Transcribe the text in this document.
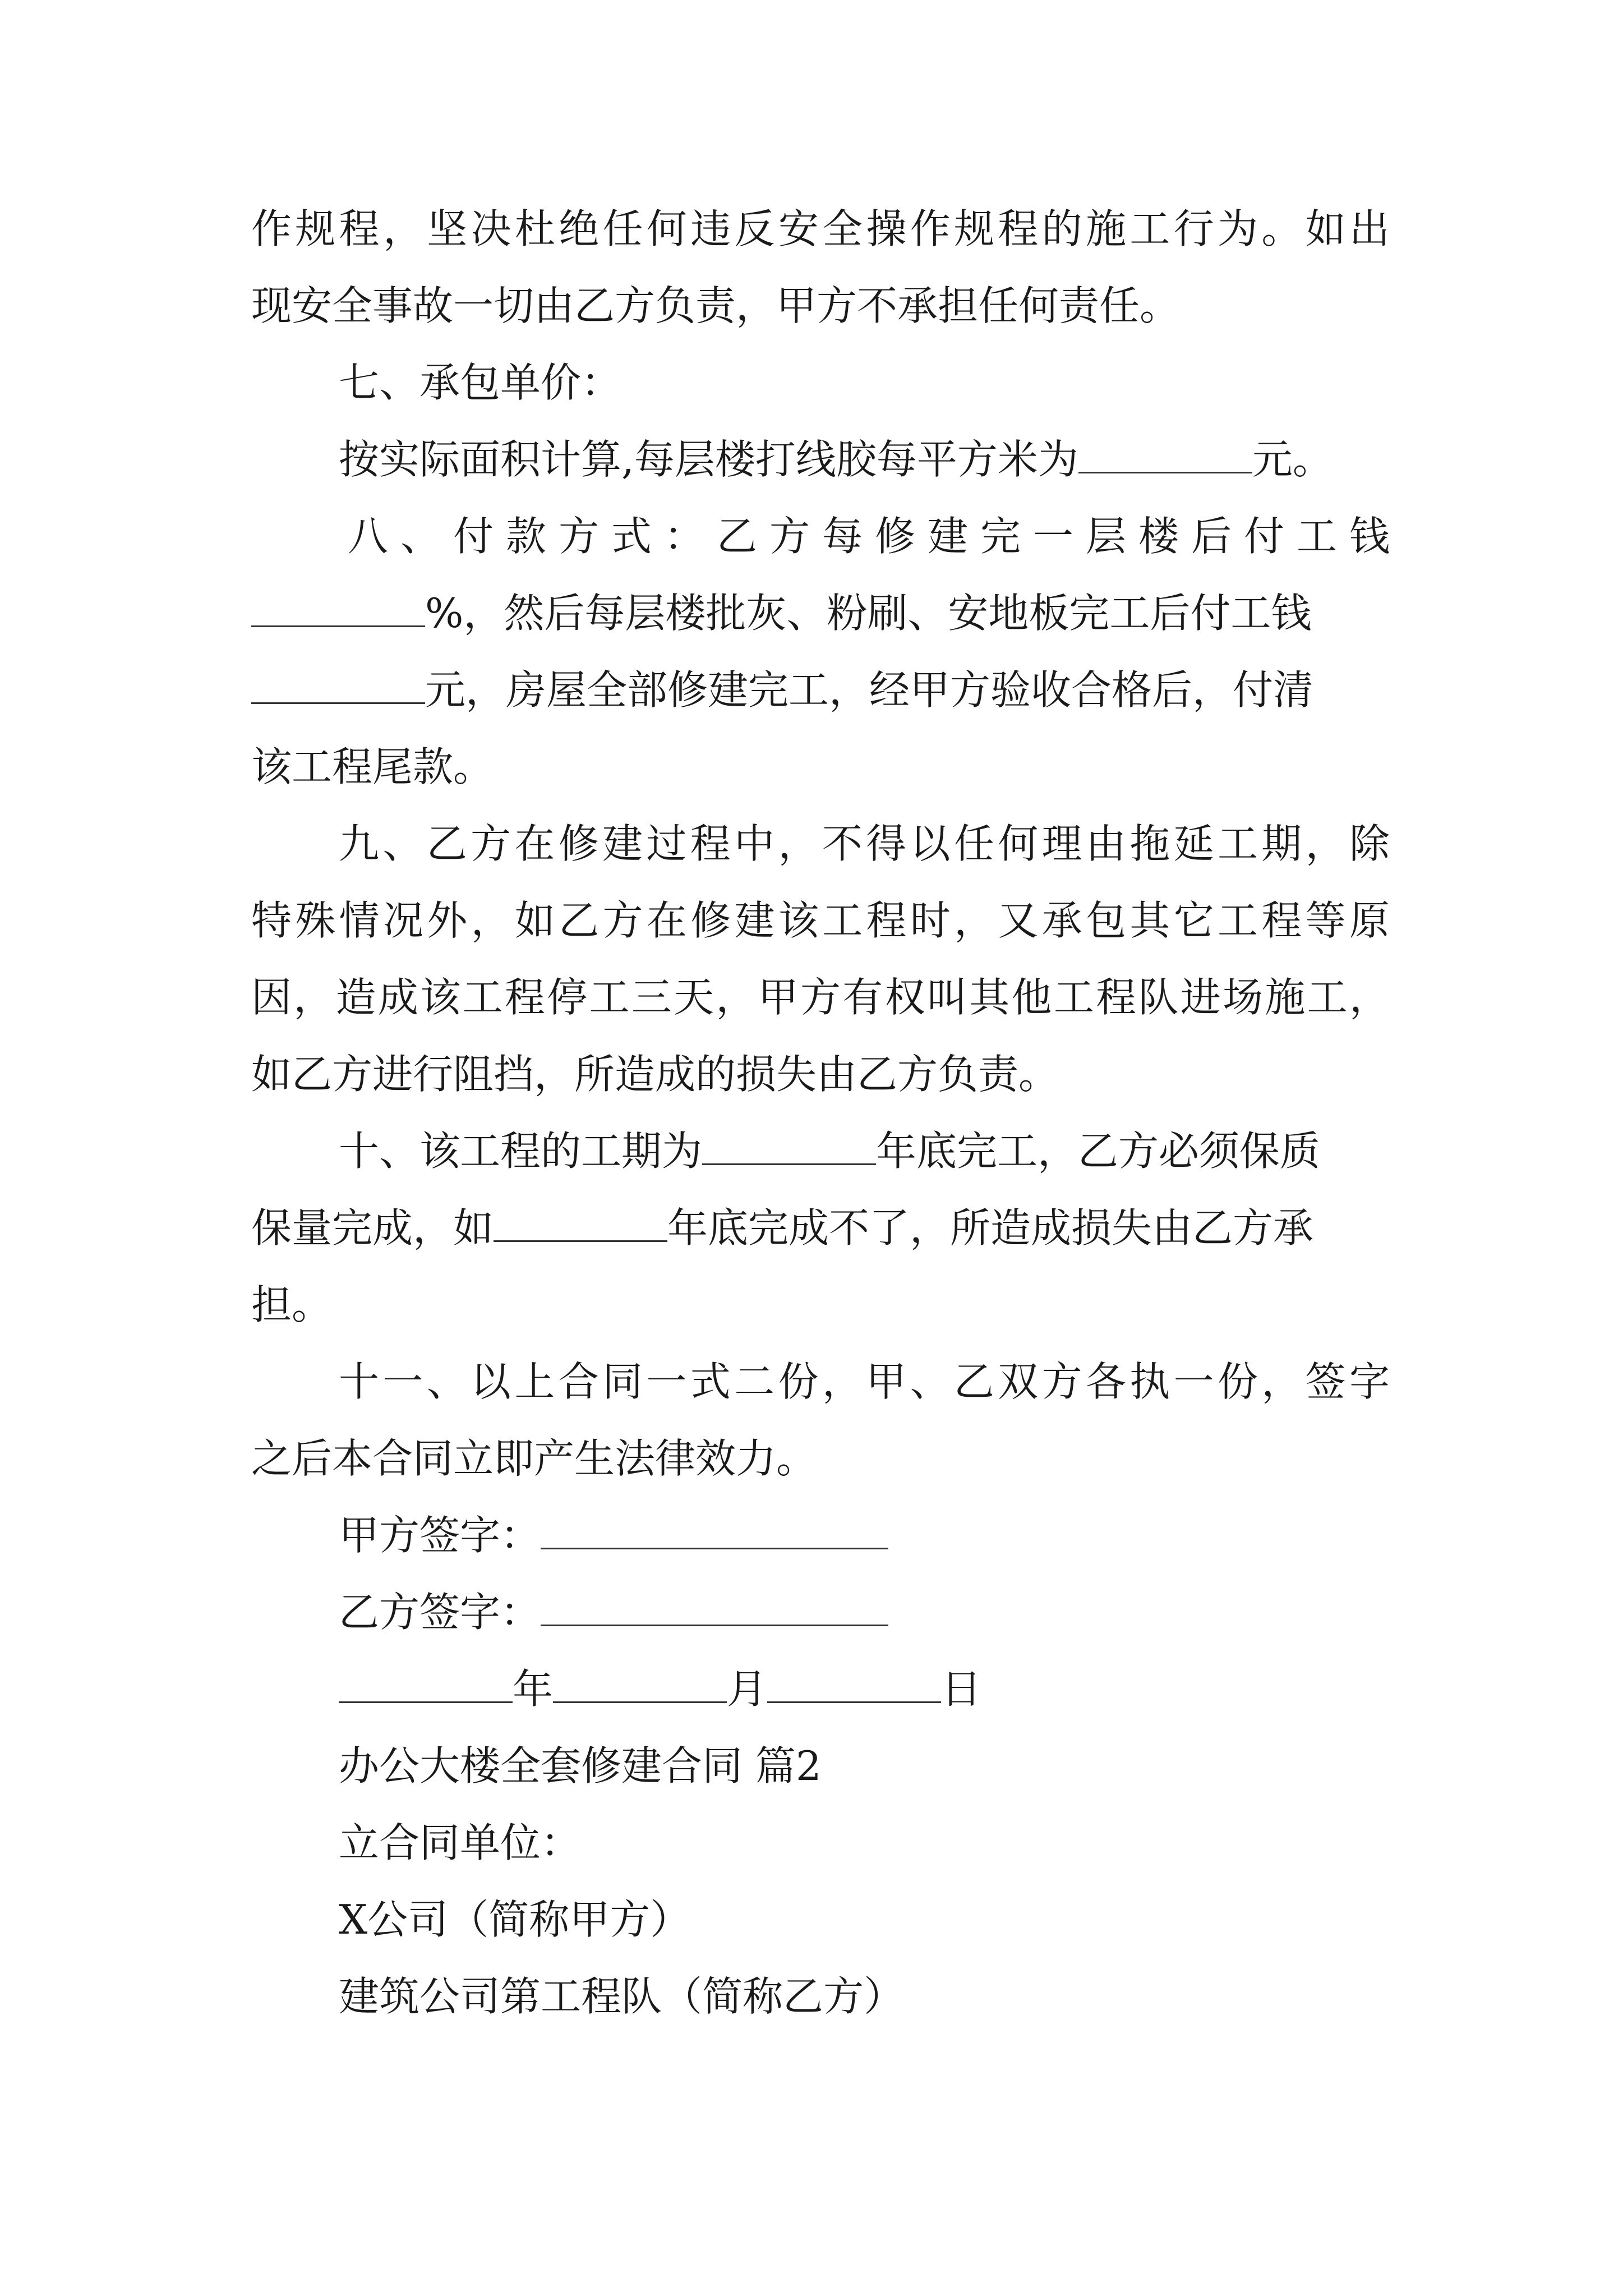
作规程，坚决杜绝任何违反安全操作规程的施工行为。如出
现安全事故一切由乙方负责，甲方不承担任何责任。
七、承包单价：
按实际面积计算,每层楼打线胶每平方米为	元。
八、付款方式：乙方每修建完一层楼后付工钱
%，然后每层楼批灰、粉刷、安地板完工后付工钱
元，房屋全部修建完工，经甲方验收合格后，付清
该工程尾款。
九、乙方在修建过程中，不得以任何理由拖延工期，除
特殊情况外，如乙方在修建该工程时，又承包其它工程等原
因，造成该工程停工三天，甲方有权叫其他工程队进场施工，
如乙方进行阻挡，所造成的损失由乙方负责。
十、该工程的工期为	年底完工，乙方必须保质
保量完成，如	年底完成不了，所造成损失由乙方承
担。
十一、以上合同一式二份，甲、乙双方各执一份，签字
之后本合同立即产生法律效力。
甲方签字：
乙方签字：
年	月	日
办公大楼全套修建合同 篇2
立合同单位：
X公司（简称甲方）
建筑公司第工程队（简称乙方）
